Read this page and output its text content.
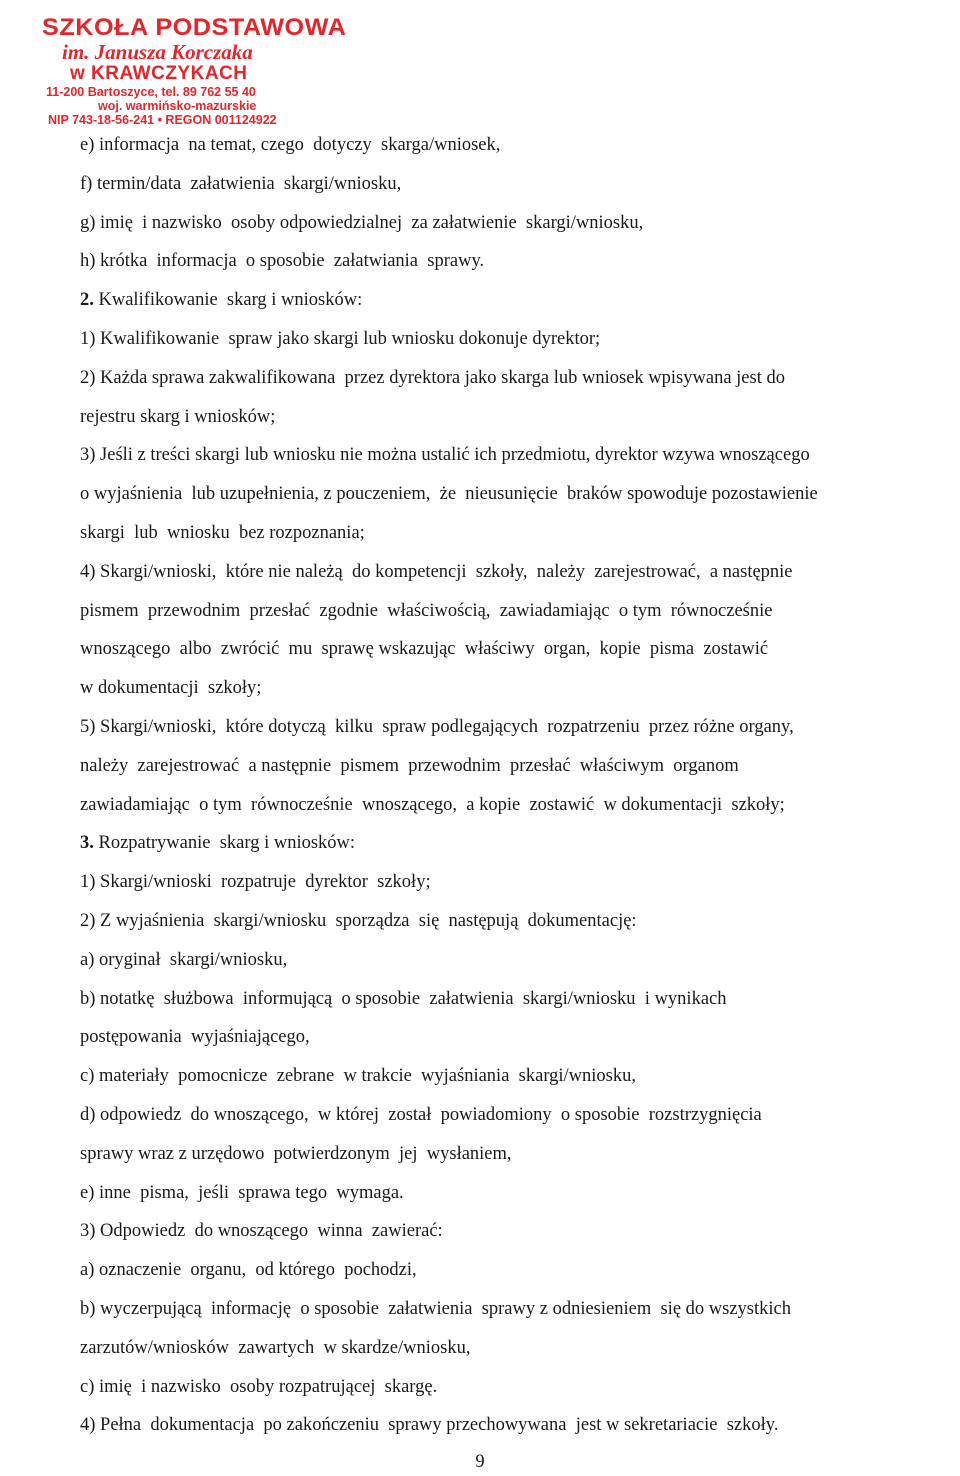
SZKOŁA PODSTAWOWA
im. Janusza Korczaka
w KRAWCZYKACH
11-200 Bartoszyce, tel. 89 762 55 40
woj. warmińsko-mazurskie
NIP 743-18-56-241 • REGON 001124922
e) informacja  na temat, czego  dotyczy  skarga/wniosek,
f) termin/data  załatwienia  skargi/wniosku,
g) imię  i nazwisko  osoby odpowiedzialnej  za załatwienie  skargi/wniosku,
h) krótka  informacja  o sposobie  załatwiania  sprawy.
2. Kwalifikowanie  skarg i wniosków:
1) Kwalifikowanie  spraw jako skargi lub wniosku dokonuje dyrektor;
2) Każda sprawa zakwalifikowana  przez dyrektora jako skarga lub wniosek wpisywana jest do
rejestru skarg i wniosków;
3) Jeśli z treści skargi lub wniosku nie można ustalić ich przedmiotu, dyrektor wzywa wnoszącego
o wyjaśnienia  lub uzupełnienia, z pouczeniem,  że  nieusunięcie  braków spowoduje pozostawienie
skargi  lub  wniosku  bez rozpoznania;
4) Skargi/wnioski,  które nie należą  do kompetencji  szkoły,  należy  zarejestrować,  a następnie
pismem  przewodnim  przesłać  zgodnie  właściwością,  zawiadamiając  o tym  równocześnie
wnoszącego  albo  zwrócić  mu  sprawę wskazując  właściwy  organ,  kopie  pisma  zostawić
w dokumentacji  szkoły;
5) Skargi/wnioski,  które dotyczą  kilku  spraw podlegających  rozpatrzeniu  przez różne organy,
należy  zarejestrować  a następnie  pismem  przewodnim  przesłać  właściwym  organom
zawiadamiając  o tym  równocześnie  wnoszącego,  a kopie  zostawić  w dokumentacji  szkoły;
3. Rozpatrywanie  skarg i wniosków:
1) Skargi/wnioski  rozpatruje  dyrektor  szkoły;
2) Z wyjaśnienia  skargi/wniosku  sporządza  się  następują  dokumentację:
a) oryginał  skargi/wniosku,
b) notatkę  służbowa  informującą  o sposobie  załatwienia  skargi/wniosku  i wynikach
postępowania  wyjaśniającego,
c) materiały  pomocnicze  zebrane  w trakcie  wyjaśniania  skargi/wniosku,
d) odpowiedz  do wnoszącego,  w której  został  powiadomiony  o sposobie  rozstrzygnięcia
sprawy wraz z urzędowo  potwierdzonym  jej  wysłaniem,
e) inne  pisma,  jeśli  sprawa tego  wymaga.
3) Odpowiedz  do wnoszącego  winna  zawierać:
a) oznaczenie  organu,  od którego  pochodzi,
b) wyczerpującą  informację  o sposobie  załatwienia  sprawy z odniesieniem  się do wszystkich
zarzutów/wniosków  zawartych  w skardze/wniosku,
c) imię  i nazwisko  osoby rozpatrującej  skargę.
4) Pełna  dokumentacja  po zakończeniu  sprawy przechowywana  jest w sekretariacie  szkoły.
9
